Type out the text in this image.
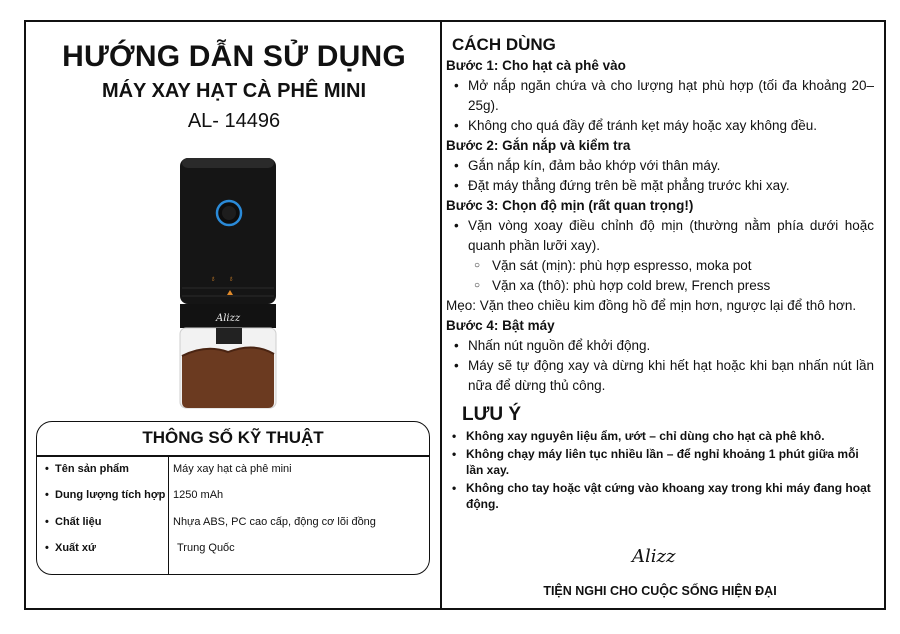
HƯỚNG DẪN SỬ DỤNG
MÁY XAY HẠT CÀ PHÊ MINI
AL- 14496
♁ ♁
Alizz
THÔNG SỐ KỸ THUẬT
• Tên sản phẩm	Máy xay hạt cà phê mini
• Dung lượng tích hợp 1250 mAh
• Chất liệu	Nhựa ABS, PC cao cấp, động cơ lõi đồng
• Xuất xứ	Trung Quốc
CÁCH DÙNG
Bước 1: Cho hạt cà phê vào
• Mở nắp ngăn chứa và cho lượng hạt phù hợp (tối đa khoảng 20–25g).
• Không cho quá đầy để tránh kẹt máy hoặc xay không đều.
Bước 2: Gắn nắp và kiểm tra
• Gắn nắp kín, đảm bảo khớp với thân máy.
• Đặt máy thẳng đứng trên bề mặt phẳng trước khi xay.
Bước 3: Chọn độ mịn (rất quan trọng!)
• Vặn vòng xoay điều chỉnh độ mịn (thường nằm phía dưới hoặc quanh phần lưỡi xay).
○ Vặn sát (mịn): phù hợp espresso, moka pot
○ Vặn xa (thô): phù hợp cold brew, French press
Mẹo: Vặn theo chiều kim đồng hồ để mịn hơn, ngược lại để thô hơn.
Bước 4: Bật máy
• Nhấn nút nguồn để khởi động.
• Máy sẽ tự động xay và dừng khi hết hạt hoặc khi bạn nhấn nút lần nữa để dừng thủ công.
LƯU Ý
• Không xay nguyên liệu ẩm, ướt – chỉ dùng cho hạt cà phê khô.
• Không chạy máy liên tục nhiều lần – để nghỉ khoảng 1 phút giữa mỗi lần xay.
• Không cho tay hoặc vật cứng vào khoang xay trong khi máy đang hoạt động.
Alizz
TIỆN NGHI CHO CUỘC SỐNG HIỆN ĐẠI
